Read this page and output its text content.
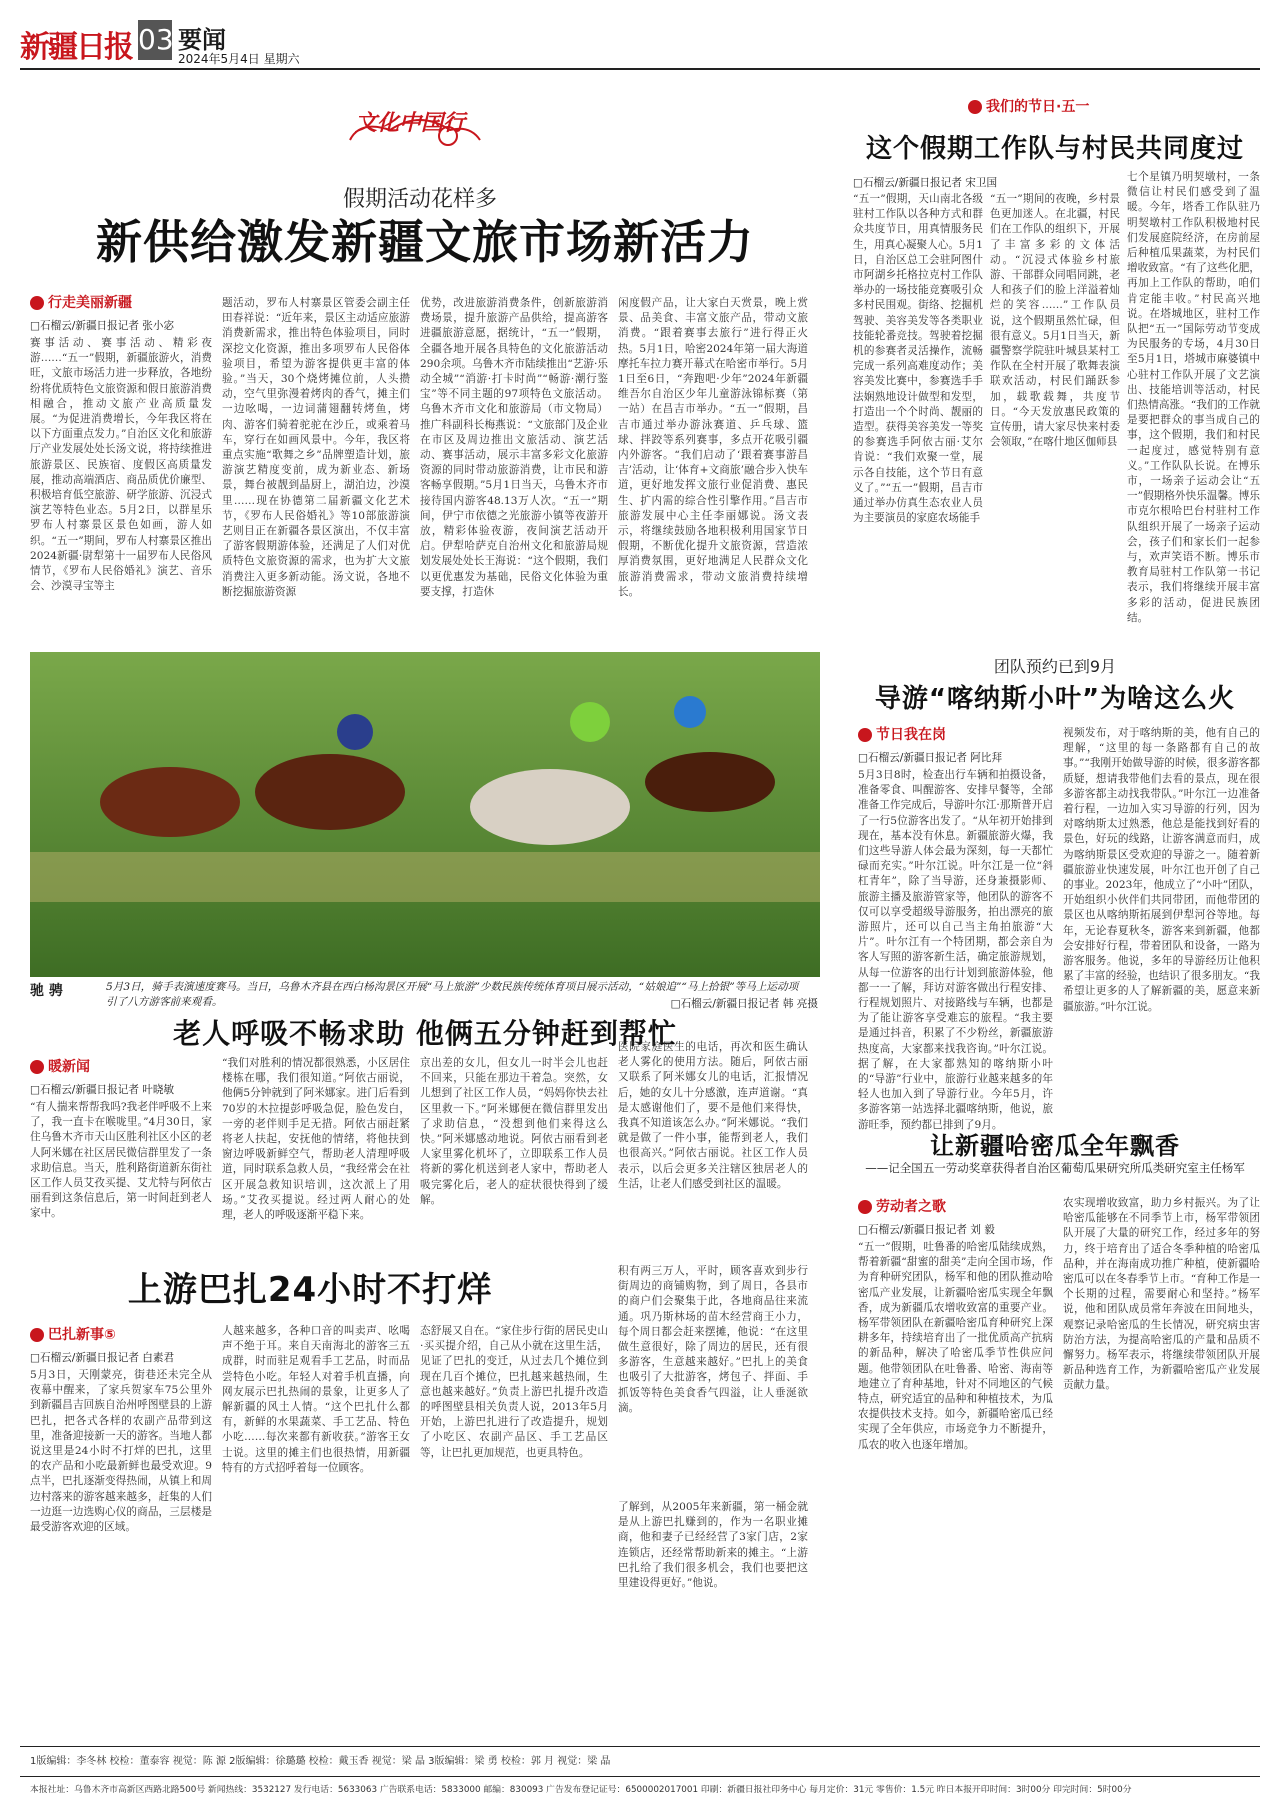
新疆日报 03 要闻
2024年5月4日 星期六
文化中国行
假期活动花样多
新供给激发新疆文旅市场新活力
我们的节日·五一
这个假期工作队与村民共同度过
□石榴云/新疆日报记者 宋卫国

“五一”假期，天山南北各级驻村工作队以各种方式和群众共度节日，用真情服务民生，用真心凝聚人心。5月1日，自治区总工会驻阿图什市阿湖乡托格拉克村工作队举办的一场技能竞赛吸引众多村民围观。街络、挖掘机驾驶、美容美发等各类职业技能轮番竞技。驾驶着挖掘机的参赛者灵活操作，流畅完成一系列高难度动作；美容美发比赛中，参赛选手手法娴熟地设计做型和发型，打造出一个个时尚、靓丽的造型。获得美容美发一等奖的参赛选手阿依古丽·艾尔肯说：“我们欢聚一堂，展示各自技能，这个节日有意义了。”“五一”假期，昌吉市通过举办仿真生态农业人员为主要演员的家庭农场能手

“五一”期间的夜晚，乡村景色更加迷人。在北疆，村民们在工作队的组织下，开展了丰富多彩的文体活动。“沉浸式体验乡村旅游、干部群众同唱同跳，老人和孩子们的脸上洋溢着灿烂的笑容……”工作队员说，这个假期虽然忙碌，但很有意义。5月1日当天，新疆警察学院驻叶城县某村工作队在全村开展了歌舞表演联欢活动，村民们踊跃参加，载歌载舞，共度节日。“今天发放惠民政策的宣传册，请大家尽快来村委会领取，”在喀什地区伽师县

七个星镇乃明契墩村，一条微信让村民们感受到了温暖。今年，塔香工作队驻乃明契墩村工作队积极地村民们发展庭院经济，在房前屋后种植瓜果蔬菜，为村民们增收致富。“有了这些化肥，再加上工作队的帮助，咱们肯定能丰收。”村民高兴地说。在塔城地区，驻村工作队把“五一”国际劳动节变成为民服务的专场，4月30日至5月1日，塔城市麻婆镇中心驻村工作队开展了文艺演出、技能培训等活动，村民们热情高涨。“我们的工作就是要把群众的事当成自己的事，这个假期，我们和村民一起度过，感觉特别有意义。”工作队队长说。在博乐市，一场亲子运动会让“五一”假期格外快乐温馨。博乐市克尔根哈巴台村驻村工作队组织开展了一场亲子运动会，孩子们和家长们一起参与，欢声笑语不断。博乐市教育局驻村工作队第一书记表示，我们将继续开展丰富多彩的活动，促进民族团结。

行走美丽新疆
□石榴云/新疆日报记者 张小宓

赛事活动、赛事活动、精彩夜游……“五一”假期，新疆旅游火，消费旺，文旅市场活力进一步释放，各地纷纷将优质特色文旅资源和假日旅游消费相融合，推动文旅产业高质量发展。“为促进消费增长，今年我区将在以下方面重点发力。”自治区文化和旅游厅产业发展处处长汤文说，将持续推进旅游景区、民族宿、度假区高质量发展，推动高端酒店、商品质优价廉型、积极培育低空旅游、研学旅游、沉浸式演艺等特色业态。5月2日，以群星乐罗布人村寨景区景色如画，游人如织。“五一”期间，罗布人村寨景区推出2024新疆·尉犁第十一届罗布人民俗风情节，《罗布人民俗婚礼》演艺、音乐会、沙漠寻宝等主

题活动，罗布人村寨景区管委会副主任田春祥说：“近年来，景区主动适应旅游消费新需求，推出特色体验项目，同时深挖文化资源，推出多项罗布人民俗体验项目，希望为游客提供更丰富的体验。”当天，30个烧烤摊位前，人头攒动，空气里弥漫着烤肉的香气，摊主们一边吆喝，一边词蒲翅翻转烤鱼，烤肉、游客们骑着驼驼在沙丘，或乘着马车，穿行在如画风景中。今年，我区将重点实施“歌舞之乡”品牌塑造计划，旅游演艺精度变前，成为新业态、新场景，舞台被靓到晶厨上，湖泊边，沙漠里……现在协德第二届新疆文化艺术节，《罗布人民俗婚礼》等10部旅游演艺则目正在新疆各景区演出，不仅丰富了游客假期游体验，还满足了人们对优质特色文旅资源的需求，也为扩大文旅消费注入更多新动能。汤文说，各地不断挖掘旅游资源

优势，改进旅游消费条件，创新旅游消费场景，提升旅游产品供给，提高游客进疆旅游意愿，据统计，“五一”假期，全疆各地开展各具特色的文化旅游活动290余项。乌鲁木齐市陆续推出“艺游·乐动全城”“消游·打卡时尚”“畅游·潮行鉴宝”等不同主题的97项特色文旅活动。乌鲁木齐市文化和旅游局（市文物局）推广科副科长梅燕说：“文旅部门及企业在市区及周边推出文旅活动、演艺活动、赛事活动，展示丰富多彩文化旅游资源的同时带动旅游消费，让市民和游客畅享假期。”5月1日当天，乌鲁木齐市接待国内游客48.13万人次。“五一”期间，伊宁市依德之光旅游小镇等夜游开放，精彩体验夜游，夜间演艺活动开启。伊犁哈萨克自治州文化和旅游局规划发展处处长王海说：“这个假期，我们以更优惠发为基础，民俗文化体验为重要支撑，打造休

闲度假产品，让大家白天赏景，晚上赏景、品美食、丰富文旅产品，带动文旅消费。“跟着赛事去旅行”进行得正火热。5月1日，哈密2024年第一届大海道摩托车拉力赛开幕式在哈密市举行。5月1日至6日，“奔跑吧·少年”2024年新疆维吾尔自治区少年儿童游泳锦标赛（第一站）在昌吉市举办。“五一”假期，昌吉市通过举办游泳赛道、乒乓球、篮球、拌跤等系列赛事，多点开花吸引疆内外游客。“我们启动了‘跟着赛事游昌吉’活动，让‘体育+文商旅’融合步入快车道，更好地发挥文旅行业促消费、惠民生、扩内需的综合性引擎作用。”昌吉市旅游发展中心主任李丽娜说。汤文表示，将继续鼓励各地积极利用国家节日假期，不断优化提升文旅资源，营造浓厚消费氛围，更好地满足人民群众文化旅游消费需求，带动文旅消费持续增长。

驰 骋	5月3日，骑手表演速度赛马。当日，乌鲁木齐县在西白杨沟景区开展“马上旅游”少数民族传统体育项目展示活动，“姑娘追”“马上拾银”等马上运动项引了八方游客前来观看。	□石榴云/新疆日报记者 韩 亮摄
团队预约已到9月
导游“喀纳斯小叶”为啥这么火
节日我在岗
□石榴云/新疆日报记者 阿比拜

5月3日8时，检查出行车辆和拍摄设备，准备零食、叫醒游客、安排早餐等，全部准备工作完成后，导游叶尔江·那斯普开启了一行5位游客出发了。“从年初开始排到现在，基本没有休息。新疆旅游火爆，我们这些导游人体会最为深刻，每一天都忙碌而充实。”叶尔江说。叶尔江是一位“斜杠青年”，除了当导游，还身兼摄影师、旅游主播及旅游管家等，他团队的游客不仅可以享受超级导游服务，拍出漂亮的旅游照片，还可以自己当主角拍旅游“大片”。叶尔江有一个特团期，都会亲自为客人写照的游客新生活，确定旅游规划，从每一位游客的出行计划到旅游体验，他都一一了解，拜访对游客做出行程安排、行程规划照片、对接路线与车辆，也都是为了能让游客享受难忘的旅程。“我主要是通过抖音，积累了不少粉丝，新疆旅游热度高，大家都来找我咨询。”叶尔江说。据了解，在大家都熟知的喀纳斯小叶的“导游”行业中，旅游行业越来越多的年轻人也加入到了导游行业。今年5月，许多游客第一站选择北疆喀纳斯，他说，旅游旺季，预约都已排到了9月。

视频发布，对于喀纳斯的美，他有自己的理解，“这里的每一条路都有自己的故事。”“我刚开始做导游的时候，很多游客都质疑，想请我带他们去看的景点，现在很多游客都主动找我带队。”叶尔江一边准备着行程，一边加入实习导游的行列，因为对喀纳斯太过熟悉，他总是能找到好看的景色，好玩的线路，让游客满意而归，成为喀纳斯景区受欢迎的导游之一。随着新疆旅游业快速发展，叶尔江也开创了自己的事业。2023年，他成立了“小叶”团队，开始组织小伙伴们共同带团，而他带团的景区也从喀纳斯拓展到伊犁河谷等地。每年，无论春夏秋冬，游客来到新疆，他都会安排好行程，带着团队和设备，一路为游客服务。他说，多年的导游经历让他积累了丰富的经验，也结识了很多朋友。“我希望让更多的人了解新疆的美，愿意来新疆旅游。”叶尔江说。

老人呼吸不畅求助 他俩五分钟赶到帮忙
暖新闻
□石榴云/新疆日报记者 叶晓敏

“有人揣来帮帮我吗?我老伴呼吸不上来了，我一直卡在喉咙里。”4月30日，家住乌鲁木齐市天山区胜利社区小区的老人阿米娜在社区居民微信群里发了一条求助信息。当天，胜利路街道新东街社区工作人员艾孜买提、艾尤特与阿依古丽看到这条信息后，第一时间赶到老人家中。

“我们对胜利的情况都很熟悉，小区居住楼栋在哪，我们很知道。”阿依古丽说，他俩5分钟就到了阿米娜家。进门后看到70岁的木拉提彭呼吸急促，脸色发白，一旁的老伴则手足无措。阿依古丽赶紧将老人扶起，安抚他的情绪，将他扶到窗边呼吸新鲜空气，帮助老人清理呼吸道，同时联系急救人员，“我经常会在社区开展急救知识培训，这次派上了用场。”艾孜买提说。经过两人耐心的处理，老人的呼吸逐渐平稳下来。

京出差的女儿，但女儿一时半会儿也赶不回来，只能在那边干着急。突然，女儿想到了社区工作人员，“妈妈你快去社区里救一下。”阿米娜便在微信群里发出了求助信息，“没想到他们来得这么快。”阿米娜感动地说。阿依古丽看到老人家里雾化机坏了，立即联系工作人员将新的雾化机送到老人家中，帮助老人吸完雾化后，老人的症状很快得到了缓解。

医院家庭医生的电话，再次和医生确认老人雾化的使用方法。随后，阿依古丽又联系了阿米娜女儿的电话，汇报情况后，她的女儿十分感激，连声道谢。“真是太感谢他们了，要不是他们来得快，我真不知道该怎么办。”阿米娜说。“我们就是做了一件小事，能帮到老人，我们也很高兴。”阿依古丽说。社区工作人员表示，以后会更多关注辖区独居老人的生活，让老人们感受到社区的温暖。

让新疆哈密瓜全年飘香
——记全国五一劳动奖章获得者自治区葡萄瓜果研究所瓜类研究室主任杨军
劳动者之歌
□石榴云/新疆日报记者 刘 毅

“五一”假期，吐鲁番的哈密瓜陆续成熟，帮着新疆“甜蜜的甜美”走向全国市场，作为育种研究团队，杨军和他的团队推动哈密瓜产业发展，让新疆哈密瓜实现全年飘香，成为新疆瓜农增收致富的重要产业。杨军带领团队在新疆哈密瓜育种研究上深耕多年，持续培育出了一批优质高产抗病的新品种，解决了哈密瓜季节性供应问题。他带领团队在吐鲁番、哈密、海南等地建立了育种基地，针对不同地区的气候特点，研究适宜的品种和种植技术，为瓜农提供技术支持。如今，新疆哈密瓜已经实现了全年供应，市场竞争力不断提升，瓜农的收入也逐年增加。

农实现增收致富，助力乡村振兴。为了让哈密瓜能够在不同季节上市，杨军带领团队开展了大量的研究工作，经过多年的努力，终于培育出了适合冬季种植的哈密瓜品种，并在海南成功推广种植，使新疆哈密瓜可以在冬春季节上市。“育种工作是一个长期的过程，需要耐心和坚持。”杨军说，他和团队成员常年奔波在田间地头，观察记录哈密瓜的生长情况，研究病虫害防治方法，为提高哈密瓜的产量和品质不懈努力。杨军表示，将继续带领团队开展新品种选育工作，为新疆哈密瓜产业发展贡献力量。

上游巴扎24小时不打烊
巴扎新事⑤
□石榴云/新疆日报记者 白素君

5月3日，天刚蒙亮，街巷还未完全从夜幕中醒来，了家兵贺家车75公里外到新疆昌吉回族自治州呼图壁县的上游巴扎，把各式各样的农副产品带到这里，准备迎接新一天的游客。当地人都说这里是24小时不打烊的巴扎，这里的农产品和小吃最新鲜也最受欢迎。9点半，巴扎逐渐变得热闹，从镇上和周边村落来的游客越来越多，赶集的人们一边逛一边选购心仪的商品，三层楼是最受游客欢迎的区域。

人越来越多，各种口音的叫卖声、吆喝声不绝于耳。来自天南海北的游客三五成群，时而驻足观看手工艺品，时而品尝特色小吃。年轻人对着手机直播，向网友展示巴扎热闹的景象，让更多人了解新疆的风土人情。“这个巴扎什么都有，新鲜的水果蔬菜、手工艺品、特色小吃……每次来都有新收获。”游客王女士说。这里的摊主们也很热情，用新疆特有的方式招呼着每一位顾客。

态舒展又自在。“家住步行街的居民史山·买买提介绍，自己从小就在这里生活，见证了巴扎的变迁，从过去几个摊位到现在几百个摊位，巴扎越来越热闹，生意也越来越好。”负责上游巴扎提升改造的呼图壁县相关负责人说，2013年5月开始，上游巴扎进行了改造提升，规划了小吃区、农副产品区、手工艺品区等，让巴扎更加规范，也更具特色。

积有两三万人，平时，顾客喜欢到步行街周边的商铺购物，到了周日，各县市的商户们会聚集于此，各地商品往来流通。巩乃斯林场的苗木经营商王小力，每个周日都会赶来摆摊，他说：“在这里做生意很好，除了周边的居民，还有很多游客，生意越来越好。”巴扎上的美食也吸引了大批游客，烤包子、拌面、手抓饭等特色美食香气四溢，让人垂涎欲滴。

了解到，从2005年来新疆，第一桶金就是从上游巴扎赚到的，作为一名职业摊商，他和妻子已经经营了3家门店，2家连锁店，还经常帮助新来的摊主。“上游巴扎给了我们很多机会，我们也要把这里建设得更好。”他说。

1版编辑：李冬林 校检：董泰容 视觉：陈 源 2版编辑：徐璐璐 校检：戴玉香 视觉：梁 晶 3版编辑：梁 勇 校检：郭 月 视觉：梁 晶
本报社址：乌鲁木齐市高新区西路北路500号 新闻热线：3532127 发行电话：5633063 广告联系电话：5833000 邮编：830093 广告发布登记证号：6500002017001 印刷：新疆日报社印务中心 每月定价：31元 零售价：1.5元 昨日本报开印时间：3时00分 印完时间：5时00分
